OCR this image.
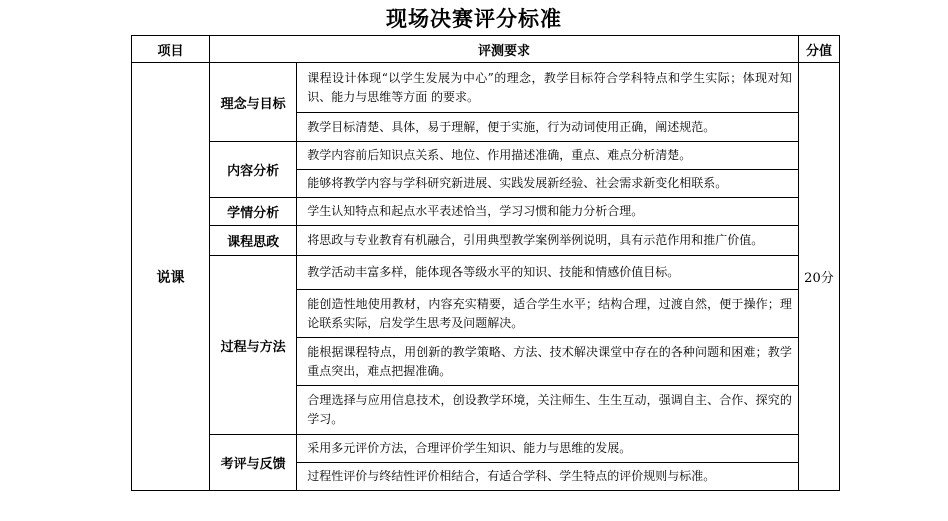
现场决赛评分标准
项目	评测要求		分值
说课	理念与目标	课程设计体现“以学生发展为中心”的理念，教学目标符合学科特点和学生实际；体现对知识、能力与思维等方面 的要求。	20分
		教学目标清楚、具体，易于理解，便于实施，行为动词使用正确，阐述规范。	
	内容分析	教学内容前后知识点关系、地位、作用描述准确，重点、难点分析清楚。	
		能够将教学内容与学科研究新进展、实践发展新经验、社会需求新变化相联系。	
	学情分析	学生认知特点和起点水平表述恰当，学习习惯和能力分析合理。	
	课程思政	将思政与专业教育有机融合，引用典型教学案例举例说明，具有示范作用和推广价值。	
	过程与方法	教学活动丰富多样，能体现各等级水平的知识、技能和情感价值目标。	
		能创造性地使用教材，内容充实精要，适合学生水平；结构合理，过渡自然，便于操作；理论联系实际，启发学生思考及问题解决。	
		能根据课程特点，用创新的教学策略、方法、技术解决课堂中存在的各种问题和困难；教学重点突出，难点把握准确。	
		合理选择与应用信息技术，创设教学环境，关注师生、生生互动，强调自主、合作、探究的学习。	
	考评与反馈	采用多元评价方法，合理评价学生知识、能力与思维的发展。	
		过程性评价与终结性评价相结合，有适合学科、学生特点的评价规则与标准。	
